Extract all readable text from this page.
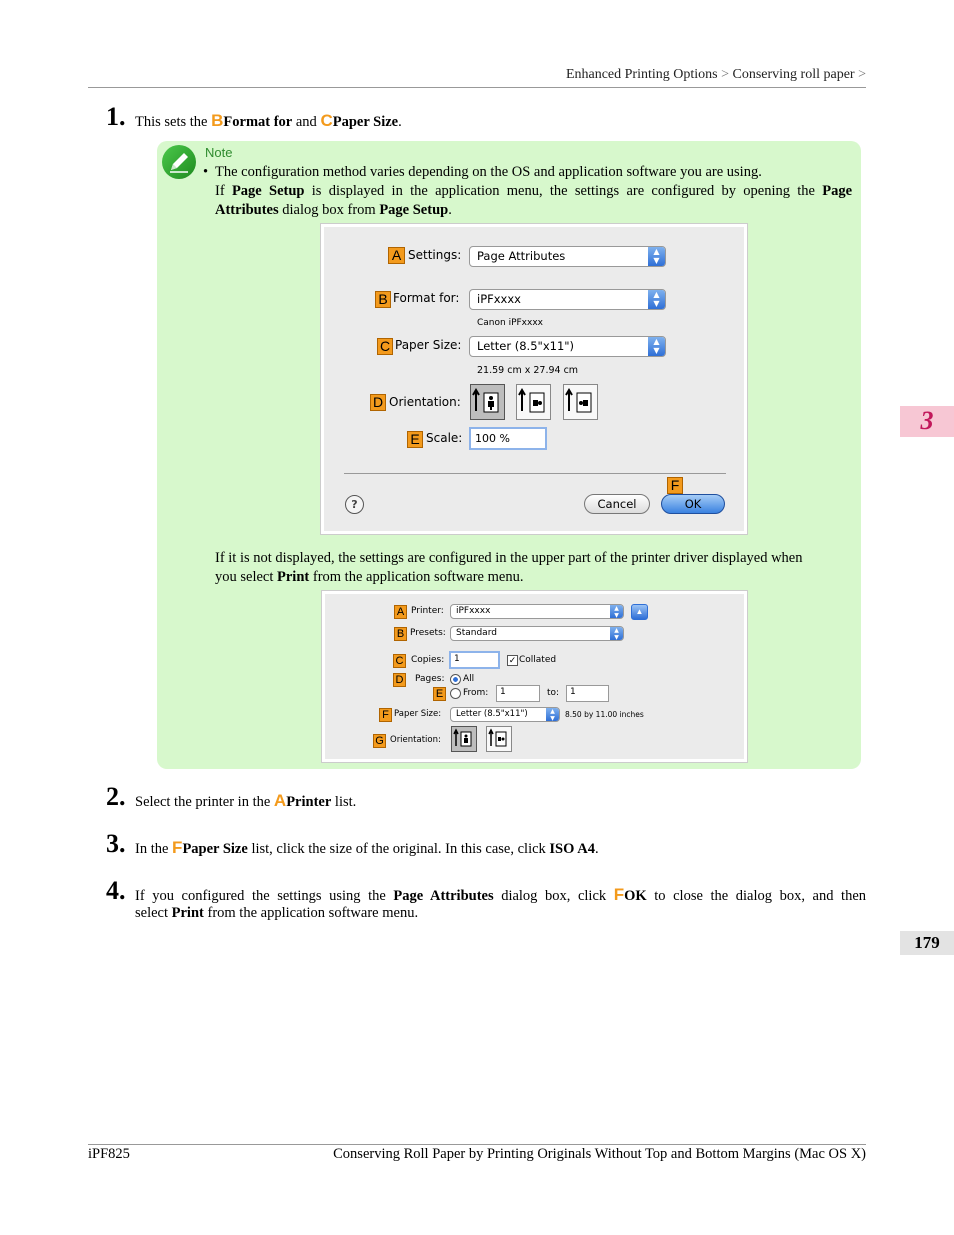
Enhanced Printing Options > Conserving roll paper >
3
179
1. This sets the BFormat for and CPaper Size.
Note
• The configuration method varies depending on the OS and application software you are using.
If Page Setup is displayed in the application menu, the settings are configured by opening the Page
Attributes dialog box from Page Setup.
A Settings: Page Attributes	▲
▼
B Format for: iPFxxxx	▲
▼
Canon iPFxxxx
C Paper Size: Letter (8.5"x11")	▲
▼
21.59 cm x 27.94 cm
D Orientation:
E Scale: 100 %
?	Cancel
F
OK
If it is not displayed, the settings are configured in the upper part of the printer driver displayed when
you select Print from the application software menu.
A Printer: iPFxxxx	▲
▼	▲
B Presets: Standard	▲
▼
C Copies: 1	✓ Collated
D Pages: All
E	From: 1	to: 1
F Paper Size: Letter (8.5"x11")	▲
▼	8.50 by 11.00 inches
G Orientation:
2. Select the printer in the APrinter list.
3. In the FPaper Size list, click the size of the original. In this case, click ISO A4.
4. If you configured the settings using the Page Attributes dialog box, click FOK to close the dialog box, and then
select Print from the application software menu.
iPF825	Conserving Roll Paper by Printing Originals Without Top and Bottom Margins (Mac OS X)
